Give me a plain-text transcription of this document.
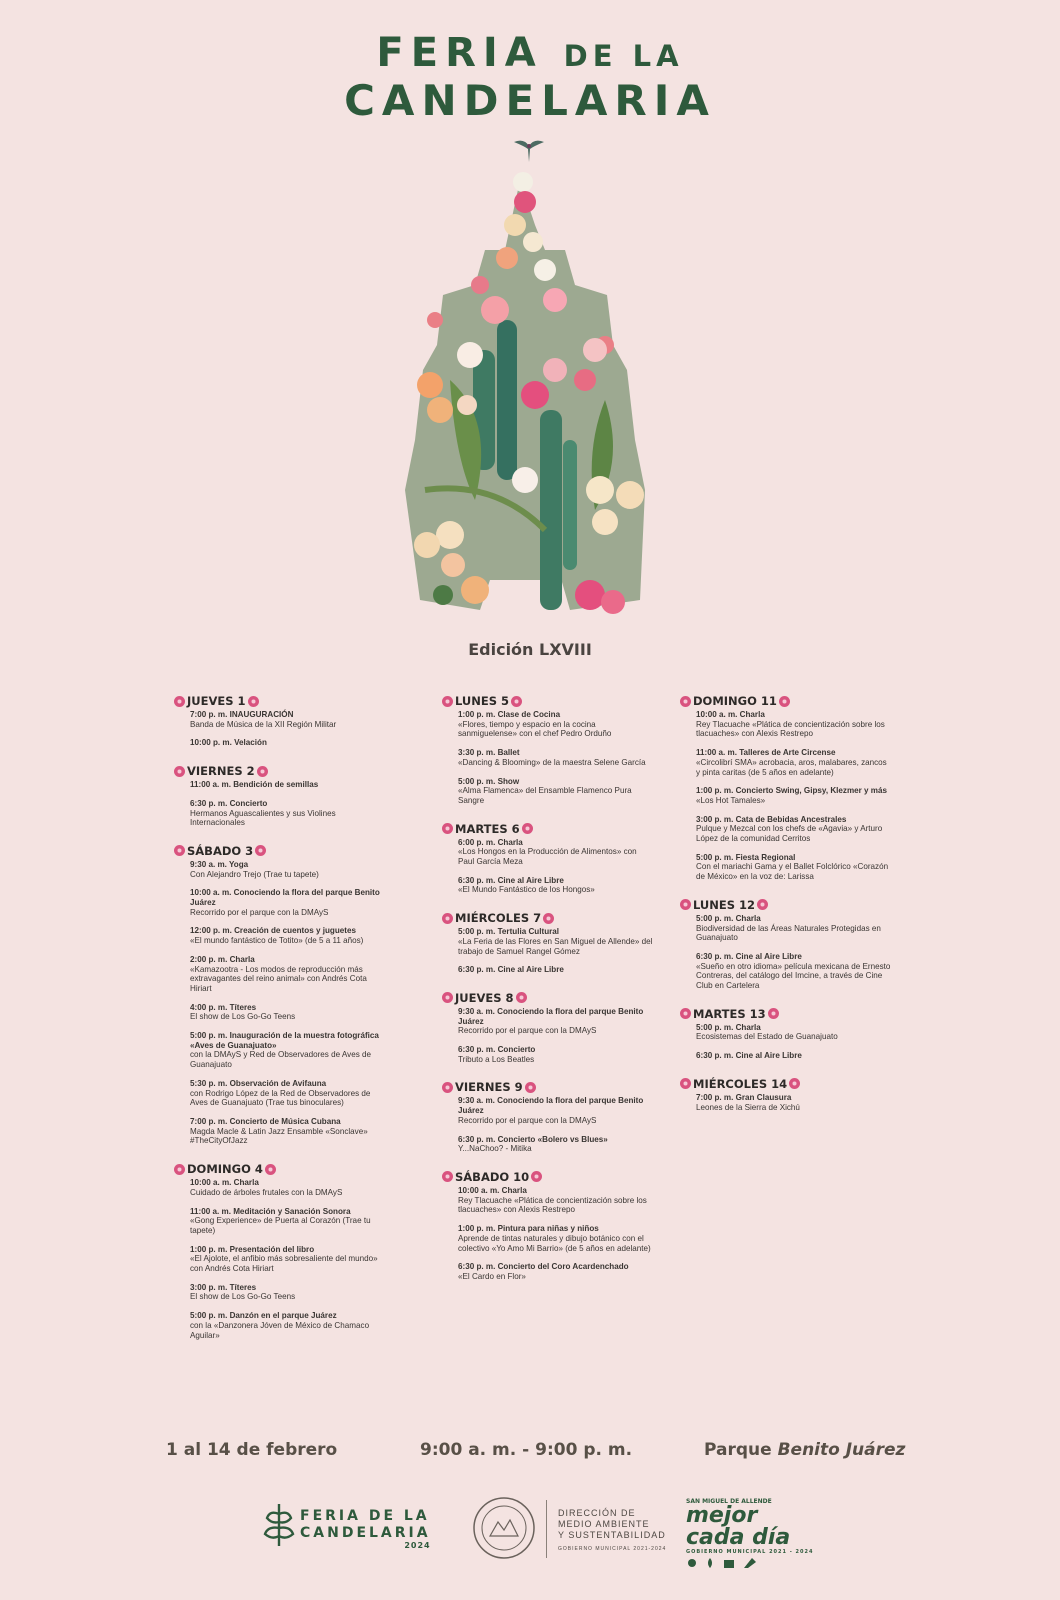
FERIA DE LA
CANDELARIA
Edición LXVIII
JUEVES 1
7:00 p. m. INAUGURACIÓN
Banda de Música de la XII Región Militar
10:00 p. m. Velación
VIERNES 2
11:00 a. m. Bendición de semillas
6:30 p. m. Concierto
Hermanos Aguascalientes y sus Violines Internacionales
SÁBADO 3
9:30 a. m. Yoga
Con Alejandro Trejo (Trae tu tapete)
10:00 a. m. Conociendo la flora del parque Benito Juárez
Recorrido por el parque con la DMAyS
12:00 p. m. Creación de cuentos y juguetes
«El mundo fantástico de Totito» (de 5 a 11 años)
2:00 p. m. Charla
«Kamazootra - Los modos de reproducción más extravagantes del reino animal» con Andrés Cota Hiriart
4:00 p. m. Títeres
El show de Los Go-Go Teens
5:00 p. m. Inauguración de la muestra fotográfica «Aves de Guanajuato»
con la DMAyS y Red de Observadores de Aves de Guanajuato
5:30 p. m. Observación de Avifauna
con Rodrigo López de la Red de Observadores de Aves de Guanajuato (Trae tus binoculares)
7:00 p. m. Concierto de Música Cubana
Magda Macle & Latin Jazz Ensamble «Sonclave» #TheCityOfJazz
DOMINGO 4
10:00 a. m. Charla
Cuidado de árboles frutales con la DMAyS
11:00 a. m. Meditación y Sanación Sonora
«Gong Experience» de Puerta al Corazón (Trae tu tapete)
1:00 p. m. Presentación del libro
«El Ajolote, el anfibio más sobresaliente del mundo» con Andrés Cota Hiriart
3:00 p. m. Títeres
El show de Los Go-Go Teens
5:00 p. m. Danzón en el parque Juárez
con la «Danzonera Jóven de México de Chamaco Aguilar»
LUNES 5
1:00 p. m. Clase de Cocina
«Flores, tiempo y espacio en la cocina sanmiguelense» con el chef Pedro Orduño
3:30 p. m. Ballet
«Dancing & Blooming» de la maestra Selene García
5:00 p. m. Show
«Alma Flamenca» del Ensamble Flamenco Pura Sangre
MARTES 6
6:00 p. m. Charla
«Los Hongos en la Producción de Alimentos» con Paul García Meza
6:30 p. m. Cine al Aire Libre
«El Mundo Fantástico de los Hongos»
MIÉRCOLES 7
5:00 p. m. Tertulia Cultural
«La Feria de las Flores en San Miguel de Allende» del trabajo de Samuel Rangel Gómez
6:30 p. m. Cine al Aire Libre
JUEVES 8
9:30 a. m. Conociendo la flora del parque Benito Juárez
Recorrido por el parque con la DMAyS
6:30 p. m. Concierto
Tributo a Los Beatles
VIERNES 9
9:30 a. m. Conociendo la flora del parque Benito Juárez
Recorrido por el parque con la DMAyS
6:30 p. m. Concierto «Bolero vs Blues»
Y...NaChoo? - Mitika
SÁBADO 10
10:00 a. m. Charla
Rey Tlacuache «Plática de concientización sobre los tlacuaches» con Alexis Restrepo
1:00 p. m. Pintura para niñas y niños
Aprende de tintas naturales y dibujo botánico con el colectivo «Yo Amo Mi Barrio» (de 5 años en adelante)
6:30 p. m. Concierto del Coro Acardenchado
«El Cardo en Flor»
DOMINGO 11
10:00 a. m. Charla
Rey Tlacuache «Plática de concientización sobre los tlacuaches» con Alexis Restrepo
11:00 a. m. Talleres de Arte Circense
«Circolibrí SMA» acrobacia, aros, malabares, zancos y pinta caritas (de 5 años en adelante)
1:00 p. m. Concierto Swing, Gipsy, Klezmer y más
«Los Hot Tamales»
3:00 p. m. Cata de Bebidas Ancestrales
Pulque y Mezcal con los chefs de «Agavia» y Arturo López de la comunidad Cerritos
5:00 p. m. Fiesta Regional
Con el mariachi Gama y el Ballet Folclórico «Corazón de México» en la voz de: Larissa
LUNES 12
5:00 p. m. Charla
Biodiversidad de las Áreas Naturales Protegidas en Guanajuato
6:30 p. m. Cine al Aire Libre
«Sueño en otro idioma» película mexicana de Ernesto Contreras, del catálogo del Imcine, a través de Cine Club en Cartelera
MARTES 13
5:00 p. m. Charla
Ecosistemas del Estado de Guanajuato
6:30 p. m. Cine al Aire Libre
MIÉRCOLES 14
7:00 p. m. Gran Clausura
Leones de la Sierra de Xichú
1 al 14 de febrero	9:00 a. m. - 9:00 p. m.	Parque Benito Juárez
FERIA DE LA
CANDELARIA
2024
DIRECCIÓN DE
MEDIO AMBIENTE
Y SUSTENTABILIDAD
GOBIERNO MUNICIPAL 2021-2024
SAN MIGUEL DE ALLENDE
mejor
cada día
GOBIERNO MUNICIPAL 2021 - 2024
